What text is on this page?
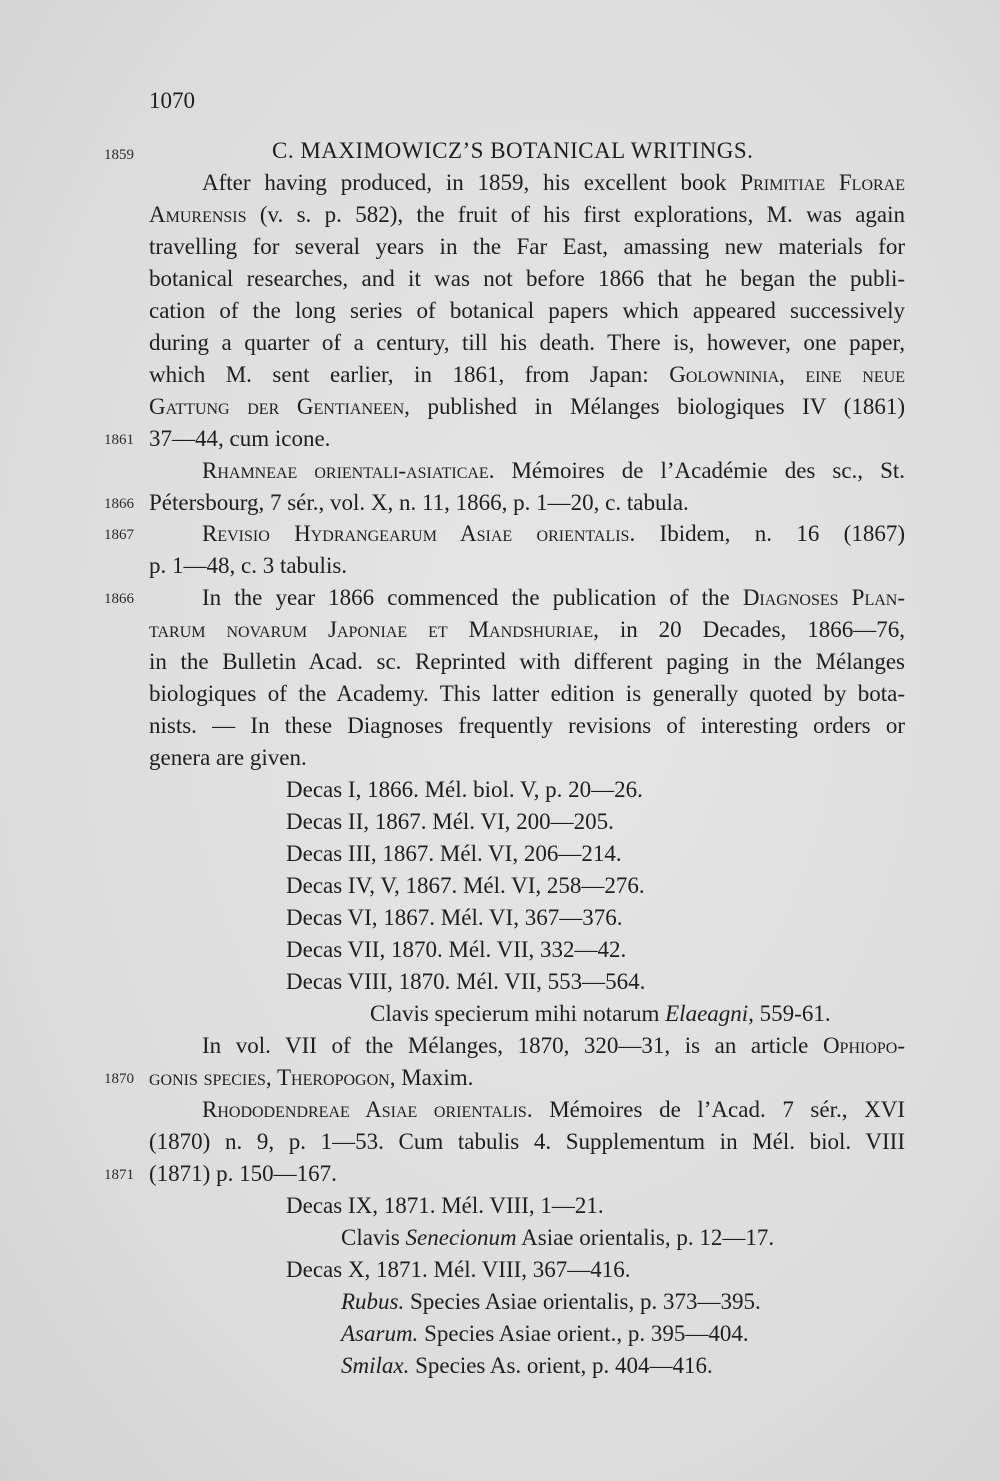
1070
1859	C. MAXIMOWICZ’S BOTANICAL WRITINGS.
After having produced, in 1859, his excellent book Primitiae Florae
Amurensis (v. s. p. 582), the fruit of his first explorations, M. was again
travelling for several years in the Far East, amassing new materials for
botanical researches, and it was not before 1866 that he began the publi-
cation of the long series of botanical papers which appeared successively
during a quarter of a century, till his death. There is, however, one paper,
which M. sent earlier, in 1861, from Japan: Golowninia, eine neue
Gattung der Gentianeen, published in Mélanges biologiques IV (1861)
1861 37—44, cum icone.
Rhamneae orientali-asiaticae. Mémoires de l’Académie des sc., St.
1866 Pétersbourg, 7 sér., vol. X, n. 11, 1866, p. 1—20, c. tabula.
1867	Revisio Hydrangearum Asiae orientalis. Ibidem, n. 16 (1867)
p. 1—48, c. 3 tabulis.
1866	In the year 1866 commenced the publication of the Diagnoses Plan-
tarum novarum Japoniae et Mandshuriae, in 20 Decades, 1866—76,
in the Bulletin Acad. sc. Reprinted with different paging in the Mélanges
biologiques of the Academy. This latter edition is generally quoted by bota-
nists. — In these Diagnoses frequently revisions of interesting orders or
genera are given.
Decas I, 1866. Mél. biol. V, p. 20—26.
Decas II, 1867. Mél. VI, 200—205.
Decas III, 1867. Mél. VI, 206—214.
Decas IV, V, 1867. Mél. VI, 258—276.
Decas VI, 1867. Mél. VI, 367—376.
Decas VII, 1870. Mél. VII, 332—42.
Decas VIII, 1870. Mél. VII, 553—564.
Clavis specierum mihi notarum Elaeagni, 559-61.
In vol. VII of the Mélanges, 1870, 320—31, is an article Ophiopo-
1870 gonis species, Theropogon, Maxim.
Rhododendreae Asiae orientalis. Mémoires de l’Acad. 7 sér., XVI
(1870) n. 9, p. 1—53. Cum tabulis 4. Supplementum in Mél. biol. VIII
1871 (1871) p. 150—167.
Decas IX, 1871. Mél. VIII, 1—21.
Clavis Senecionum Asiae orientalis, p. 12—17.
Decas X, 1871. Mél. VIII, 367—416.
Rubus. Species Asiae orientalis, p. 373—395.
Asarum. Species Asiae orient., p. 395—404.
Smilax. Species As. orient, p. 404—416.
